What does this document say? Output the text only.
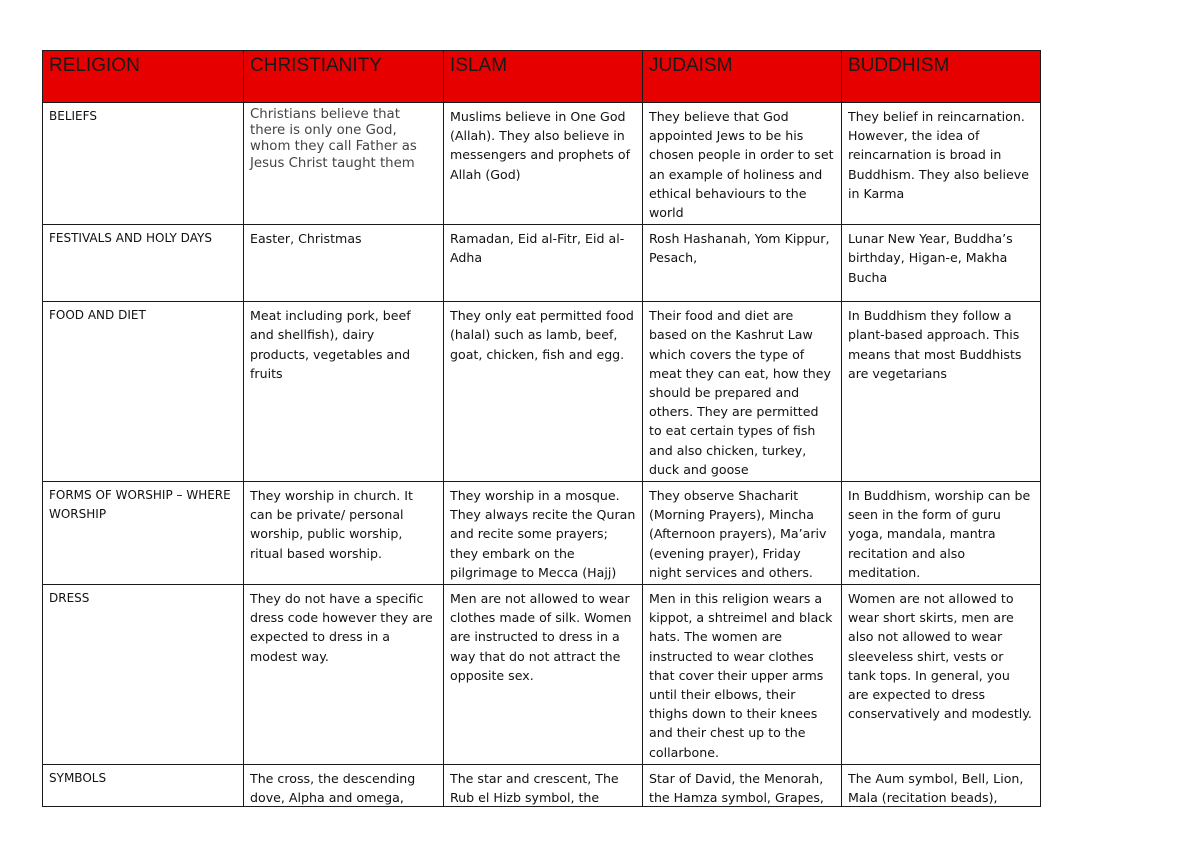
RELIGION	CHRISTIANITY	ISLAM	JUDAISM	BUDDHISM
BELIEFS	Christians believe that there is only one God, whom they call Father as Jesus Christ taught them	Muslims believe in One God (Allah). They also believe in messengers and prophets of Allah (God)	They believe that God appointed Jews to be his chosen people in order to set an example of holiness and ethical behaviours to the world	They belief in reincarnation. However, the idea of reincarnation is broad in Buddhism. They also believe in Karma
FESTIVALS AND HOLY DAYS	Easter, Christmas	Ramadan, Eid al-Fitr, Eid al-Adha	Rosh Hashanah, Yom Kippur, Pesach,	Lunar New Year, Buddha’s birthday, Higan-e, Makha Bucha
FOOD AND DIET	Meat including pork, beef and shellfish), dairy products, vegetables and fruits	They only eat permitted food (halal) such as lamb, beef, goat, chicken, fish and egg.	Their food and diet are based on the Kashrut Law which covers the type of meat they can eat, how they should be prepared and others. They are permitted to eat certain types of fish and also chicken, turkey, duck and goose	In Buddhism they follow a plant-based approach. This means that most Buddhists are vegetarians
FORMS OF WORSHIP – WHERE WORSHIP	They worship in church. It can be private/ personal worship, public worship, ritual based worship.	They worship in a mosque. They always recite the Quran and recite some prayers; they embark on the pilgrimage to Mecca (Hajj)	They observe Shacharit (Morning Prayers), Mincha (Afternoon prayers), Ma’ariv (evening prayer), Friday night services and others.	In Buddhism, worship can be seen in the form of guru yoga, mandala, mantra recitation and also meditation.
DRESS	They do not have a specific dress code however they are expected to dress in a modest way.	Men are not allowed to wear clothes made of silk. Women are instructed to dress in a way that do not attract the opposite sex.	Men in this religion wears a kippot, a shtreimel and black hats. The women are instructed to wear clothes that cover their upper arms until their elbows, their thighs down to their knees and their chest up to the collarbone.	Women are not allowed to wear short skirts, men are also not allowed to wear sleeveless shirt, vests or tank tops. In general, you are expected to dress conservatively and modestly.

SYMBOLS	The cross, the descending dove, Alpha and omega,	The star and crescent, The Rub el Hizb symbol, the	Star of David, the Menorah, the Hamza symbol, Grapes,	The Aum symbol, Bell, Lion, Mala (recitation beads),
